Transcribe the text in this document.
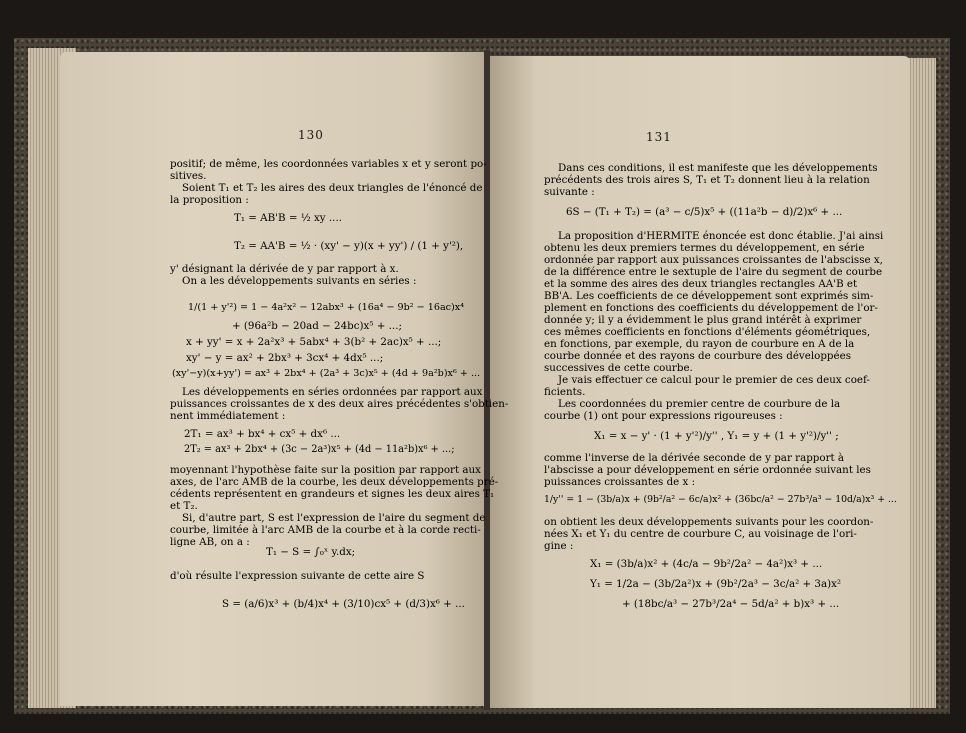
130	131
positif; de même, les coordonnées variables x et y seront po-
sitives.
Soient T₁ et T₂ les aires des deux triangles de l'énoncé de
la proposition :
T₁ = AB'B = ½ xy ....
T₂ = AA'B = ½ · (xy' − y)(x + yy') / (1 + y'²),
y' désignant la dérivée de y par rapport à x.
On a les développements suivants en séries :
1/(1 + y'²) = 1 − 4a²x² − 12abx³ + (16a⁴ − 9b² − 16ac)x⁴
+ (96a²b − 20ad − 24bc)x⁵ + ...;
x + yy' = x + 2a²x³ + 5abx⁴ + 3(b² + 2ac)x⁵ + ...;
xy' − y = ax² + 2bx³ + 3cx⁴ + 4dx⁵ ...;
(xy'−y)(x+yy') = ax³ + 2bx⁴ + (2a³ + 3c)x⁵ + (4d + 9a²b)x⁶ + ...
Les développements en séries ordonnées par rapport aux
puissances croissantes de x des deux aires précédentes s'obtien-
nent immédiatement :
2T₁ = ax³ + bx⁴ + cx⁵ + dx⁶ ...
2T₂ = ax³ + 2bx⁴ + (3c − 2a³)x⁵ + (4d − 11a²b)x⁶ + ...;
moyennant l'hypothèse faite sur la position par rapport aux
axes, de l'arc AMB de la courbe, les deux développements pré-
cédents représentent en grandeurs et signes les deux aires T₁
et T₂.
Si, d'autre part, S est l'expression de l'aire du segment de
courbe, limitée à l'arc AMB de la courbe et à la corde recti-
ligne AB, on a :
T₁ − S = ∫₀ˣ y.dx;
d'où résulte l'expression suivante de cette aire S
S = (a/6)x³ + (b/4)x⁴ + (3/10)cx⁵ + (d/3)x⁶ + ...
Dans ces conditions, il est manifeste que les développements
précédents des trois aires S, T₁ et T₂ donnent lieu à la relation
suivante :
6S − (T₁ + T₂) = (a³ − c/5)x⁵ + ((11a²b − d)/2)x⁶ + ...
La proposition d'HERMITE énoncée est donc établie. J'ai ainsi
obtenu les deux premiers termes du développement, en série
ordonnée par rapport aux puissances croissantes de l'abscisse x,
de la différence entre le sextuple de l'aire du segment de courbe
et la somme des aires des deux triangles rectangles AA'B et
BB'A. Les coefficients de ce développement sont exprimés sim-
plement en fonctions des coefficients du développement de l'or-
donnée y; il y a évidemment le plus grand intérêt à exprimer
ces mêmes coefficients en fonctions d'éléments géométriques,
en fonctions, par exemple, du rayon de courbure en A de la
courbe donnée et des rayons de courbure des développées
successives de cette courbe.
Je vais effectuer ce calcul pour le premier de ces deux coef-
ficients.
Les coordonnées du premier centre de courbure de la
courbe (1) ont pour expressions rigoureuses :
X₁ = x − y' · (1 + y'²)/y'' , Y₁ = y + (1 + y'²)/y'' ;
comme l'inverse de la dérivée seconde de y par rapport à
l'abscisse a pour développement en série ordonnée suivant les
puissances croissantes de x :
1/y'' = 1 − (3b/a)x + (9b²/a² − 6c/a)x² + (36bc/a² − 27b³/a³ − 10d/a)x³ + ...
on obtient les deux développements suivants pour les coordon-
nées X₁ et Y₁ du centre de courbure C, au voisinage de l'ori-
gine :
X₁ = (3b/a)x² + (4c/a − 9b²/2a² − 4a²)x³ + ...
Y₁ = 1/2a − (3b/2a²)x + (9b²/2a³ − 3c/a² + 3a)x²
+ (18bc/a³ − 27b³/2a⁴ − 5d/a² + b)x³ + ...
